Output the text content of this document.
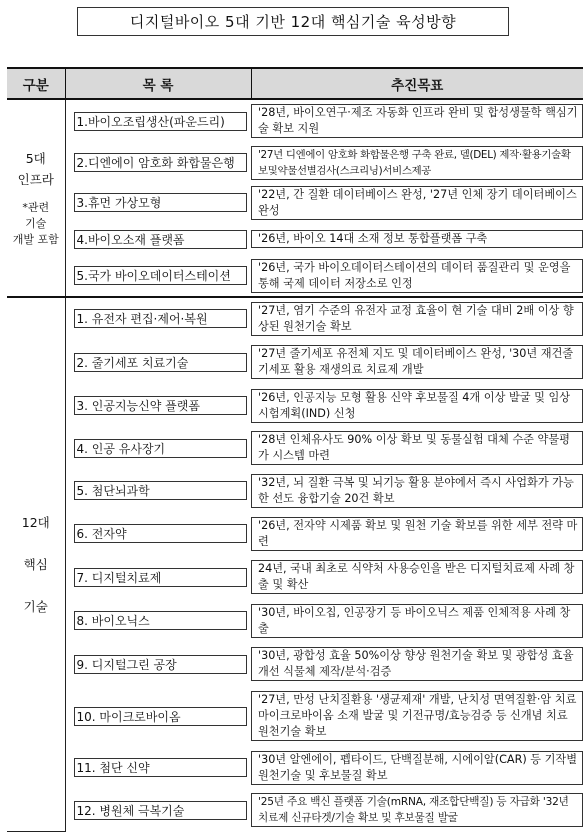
디지털바이오 5대 기반 12대 핵심기술 육성방향
구분	목 록	추진목표
5대
인프라
*관련
기술
개발 포함	1.바이오조립생산(파운드리)	'28년, 바이오연구·제조 자동화 인프라 완비 및 합성생물학 핵심기술 확보 지원

2.디엔에이 암호화 화합물은행	'27년 디엔에이 암호화 화합물은행 구축 완료, 델(DEL) 제작·활용기술확보및약물선별검사(스크리닝)서비스제공

3.휴먼 가상모형	'22년, 간 질환 데이터베이스 완성, '27년 인체 장기 데이터베이스 완성

4.바이오소재 플랫폼	'26년, 바이오 14대 소재 정보 통합플랫폼 구축

5.국가 바이오데이터스테이션	'26년, 국가 바이오데이터스테이션의 데이터 품질관리 및 운영을 통해 국제 데이터 저장소로 인정

12대

핵심

기술	1. 유전자 편집·제어·복원	'27년, 염기 수준의 유전자 교정 효율이 현 기술 대비 2배 이상 향상된 원천기술 확보

2. 줄기세포 치료기술	'27년 줄기세포 유전체 지도 및 데이터베이스 완성, '30년 재건줄기세포 활용 재생의료 치료제 개발

3. 인공지능신약 플랫폼	'26년, 인공지능 모형 활용 신약 후보물질 4개 이상 발굴 및 임상시험계획(IND) 신청

4. 인공 유사장기	'28년 인체유사도 90% 이상 확보 및 동물실험 대체 수준 약물평가 시스템 마련

5. 첨단뇌과학	'32년, 뇌 질환 극복 및 뇌기능 활용 분야에서 즉시 사업화가 가능한 선도 융합기술 20건 확보

6. 전자약	'26년, 전자약 시제품 확보 및 원천 기술 확보를 위한 세부 전략 마련

7. 디지털치료제	24년, 국내 최초로 식약처 사용승인을 받은 디지털치료제 사례 창출 및 확산

8. 바이오닉스	'30년, 바이오칩, 인공장기 등 바이오닉스 제품 인체적용 사례 창출

9. 디지털그린 공장	'30년, 광합성 효율 50%이상 향상 원천기술 확보 및 광합성 효율 개선 식물체 제작/분석·검증

10. 마이크로바이옴	'27년, 만성 난치질환용 '생균제재' 개발, 난치성 면역질환·암 치료 마이크로바이옴 소재 발굴 및 기전규명/효능검증 등 신개념 치료 원천기술 확보

11. 첨단 신약	'30년 알엔에이, 펩타이드, 단백질분해, 시에이알(CAR) 등 기작별 원천기술 및 후보물질 확보

12. 병원체 극복기술	'25년 주요 백신 플랫폼 기술(mRNA, 재조합단백질) 등 자급화 '32년 치료제 신규타겟/기술 확보 및 후보물질 발굴
